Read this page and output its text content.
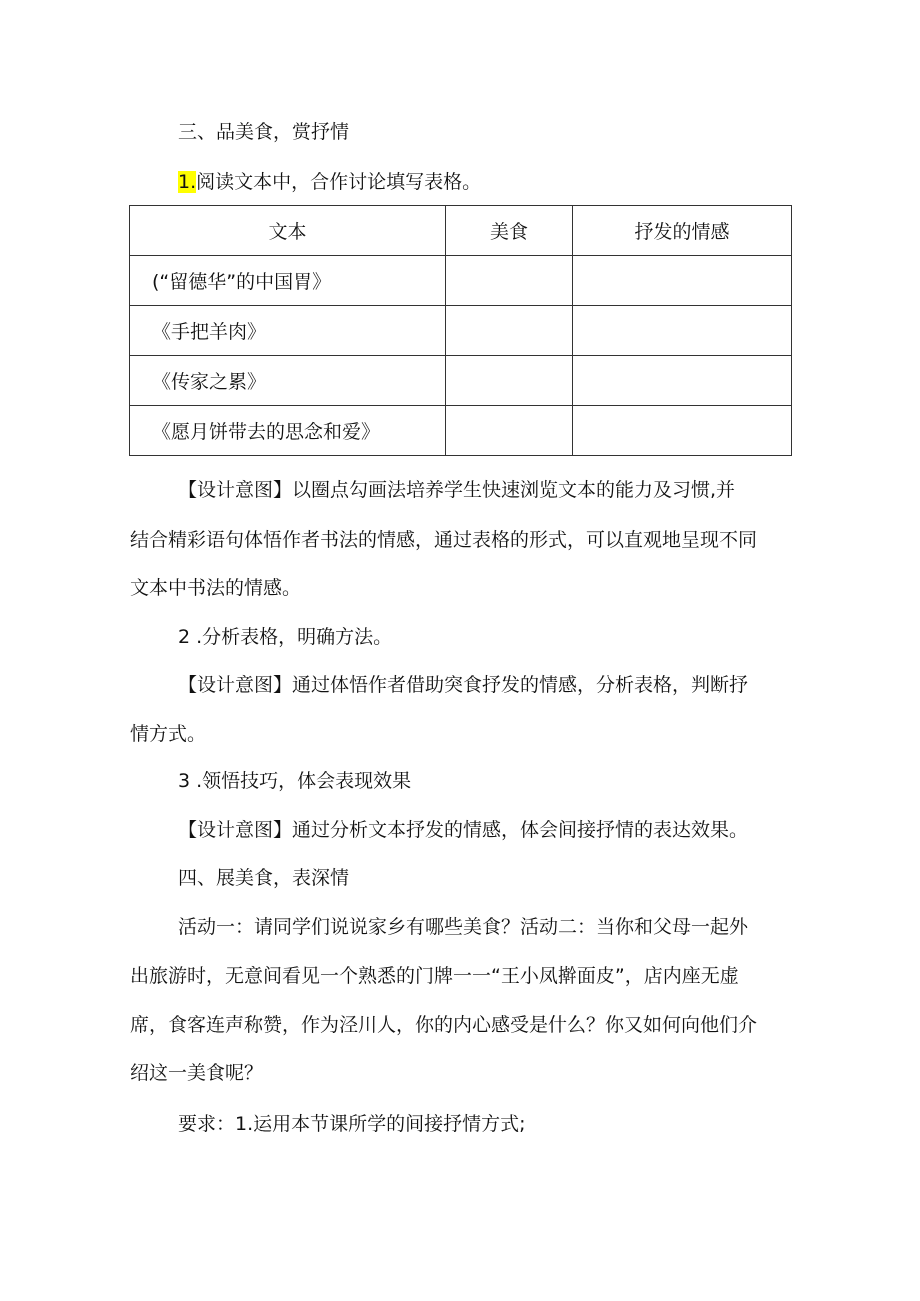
三、品美食，赏抒情
1.阅读文本中，合作讨论填写表格。
文本	美食	抒发的情感
(“留德华”的中国胃》		
《手把羊肉》		
《传家之累》		
《愿月饼带去的思念和爱》		
【设计意图】以圈点勾画法培养学生快速浏览文本的能力及习惯,并
结合精彩语句体悟作者书法的情感，通过表格的形式，可以直观地呈现不同
文本中书法的情感。
2 .分析表格，明确方法。
【设计意图】通过体悟作者借助突食抒发的情感，分析表格，判断抒
情方式。
3 .领悟技巧，体会表现效果
【设计意图】通过分析文本抒发的情感，体会间接抒情的表达效果。
四、展美食，表深情
活动一：请同学们说说家乡有哪些美食？活动二：当你和父母一起外
出旅游时，无意间看见一个熟悉的门牌一一“王小凤擀面皮”，店内座无虚
席，食客连声称赞，作为泾川人，你的内心感受是什么？你又如何向他们介
绍这一美食呢？
要求：1.运用本节课所学的间接抒情方式;
